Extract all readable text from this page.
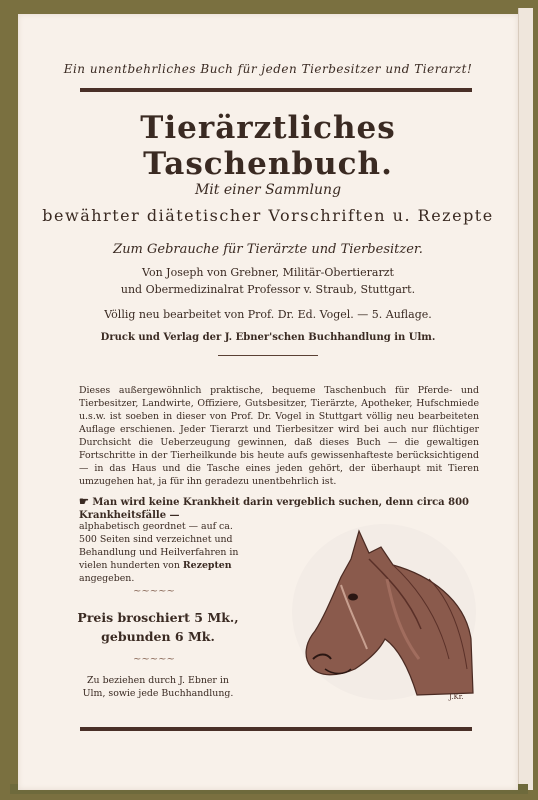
Ein unentbehrliches Buch für jeden Tierbesitzer und Tierarzt!
Tierärztliches Taschenbuch.
Mit einer Sammlung
bewährter diätetischer Vorschriften u. Rezepte
Zum Gebrauche für Tierärzte und Tierbesitzer.
Von Joseph von Grebner, Militär-Obertierarzt
und Obermedizinalrat Professor v. Straub, Stuttgart.
Völlig neu bearbeitet von Prof. Dr. Ed. Vogel. — 5. Auflage.
Druck und Verlag der J. Ebner'schen Buchhandlung in Ulm.
Dieses außergewöhnlich praktische, bequeme Taschenbuch für Pferde- und Tierbesitzer, Landwirte, Offiziere, Gutsbesitzer, Tierärzte, Apotheker, Hufschmiede u.s.w. ist soeben in dieser von Prof. Dr. Vogel in Stuttgart völlig neu bearbeiteten Auflage erschienen. Jeder Tierarzt und Tierbesitzer wird bei auch nur flüchtiger Durchsicht die Ueberzeugung gewinnen, daß dieses Buch — die gewaltigen Fortschritte in der Tierheilkunde bis heute aufs gewissenhafteste berücksichtigend — in das Haus und die Tasche eines jeden gehört, der überhaupt mit Tieren umzugehen hat, ja für ihn geradezu unentbehrlich ist.
☛ Man wird keine Krankheit darin vergeblich suchen, denn circa 800 Krankheitsfälle —
alphabetisch geordnet — auf ca. 500 Seiten sind verzeichnet und Behandlung und Heilverfahren in vielen hunderten von Rezepten angegeben.
~~~~~
Preis broschiert 5 Mk.,
gebunden 6 Mk.
~~~~~
Zu beziehen durch J. Ebner in
Ulm, sowie jede Buchhandlung.	J.Kr.
